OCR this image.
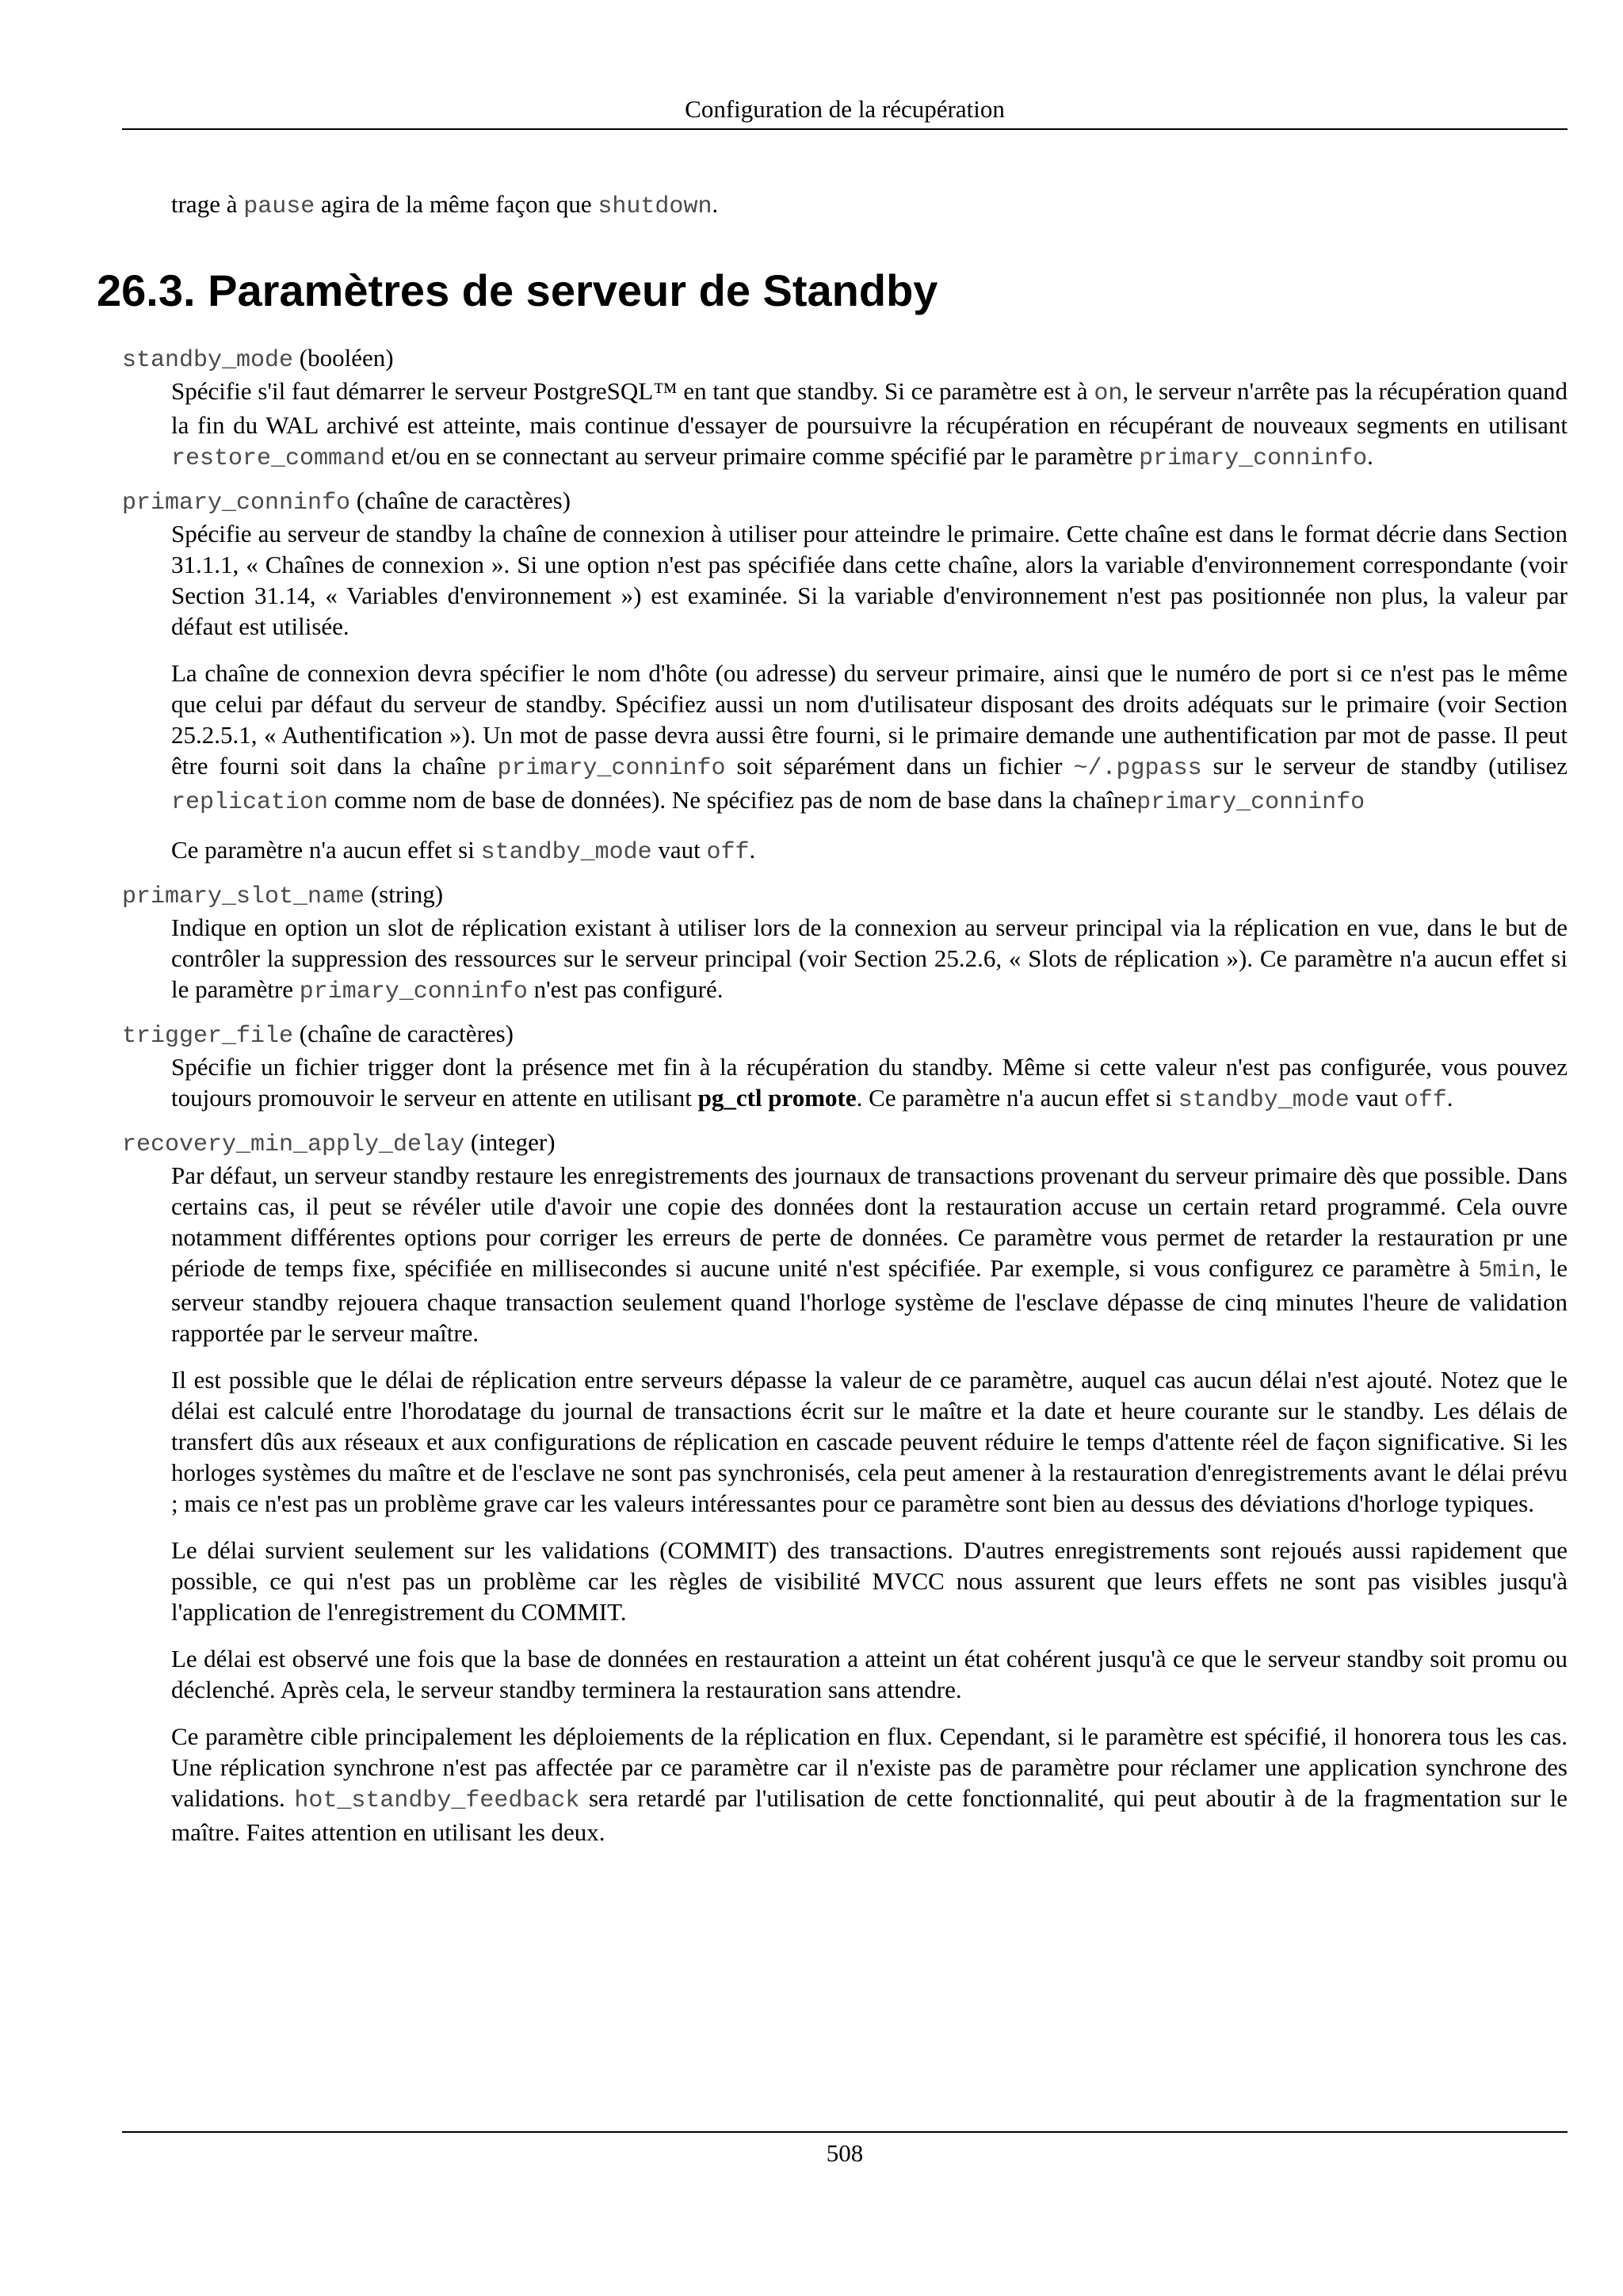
Configuration de la récupération

trage à pause agira de la même façon que shutdown.

26.3. Paramètres de serveur de Standby
standby_mode (booléen)

Spécifie s'il faut démarrer le serveur PostgreSQL™ en tant que standby. Si ce paramètre est à on, le serveur n'arrête pas la récupération quand la fin du WAL archivé est atteinte, mais continue d'essayer de poursuivre la récupération en récupérant de nouveaux segments en utilisant restore_command et/ou en se connectant au serveur primaire comme spécifié par le paramètre primary_conninfo.

primary_conninfo (chaîne de caractères)

Spécifie au serveur de standby la chaîne de connexion à utiliser pour atteindre le primaire. Cette chaîne est dans le format décrie dans Section 31.1.1, « Chaînes de connexion ». Si une option n'est pas spécifiée dans cette chaîne, alors la variable d'environnement correspondante (voir Section 31.14, « Variables d'environnement ») est examinée. Si la variable d'environnement n'est pas positionnée non plus, la valeur par défaut est utilisée.

La chaîne de connexion devra spécifier le nom d'hôte (ou adresse) du serveur primaire, ainsi que le numéro de port si ce n'est pas le même que celui par défaut du serveur de standby. Spécifiez aussi un nom d'utilisateur disposant des droits adéquats sur le primaire (voir Section 25.2.5.1, « Authentification »). Un mot de passe devra aussi être fourni, si le primaire demande une authentification par mot de passe. Il peut être fourni soit dans la chaîne primary_conninfo soit séparément dans un fichier ~/.pgpass sur le serveur de standby (utilisez replication comme nom de base de données). Ne spécifiez pas de nom de base dans la chaîneprimary_conninfo

Ce paramètre n'a aucun effet si standby_mode vaut off.

primary_slot_name (string)

Indique en option un slot de réplication existant à utiliser lors de la connexion au serveur principal via la réplication en vue, dans le but de contrôler la suppression des ressources sur le serveur principal (voir Section 25.2.6, « Slots de réplication »). Ce paramètre n'a aucun effet si le paramètre primary_conninfo n'est pas configuré.

trigger_file (chaîne de caractères)

Spécifie un fichier trigger dont la présence met fin à la récupération du standby. Même si cette valeur n'est pas configurée, vous pouvez toujours promouvoir le serveur en attente en utilisant pg_ctl promote. Ce paramètre n'a aucun effet si standby_mode vaut off.

recovery_min_apply_delay (integer)

Par défaut, un serveur standby restaure les enregistrements des journaux de transactions provenant du serveur primaire dès que possible. Dans certains cas, il peut se révéler utile d'avoir une copie des données dont la restauration accuse un certain retard programmé. Cela ouvre notamment différentes options pour corriger les erreurs de perte de données. Ce paramètre vous permet de retarder la restauration pr une période de temps fixe, spécifiée en millisecondes si aucune unité n'est spécifiée. Par exemple, si vous configurez ce paramètre à 5min, le serveur standby rejouera chaque transaction seulement quand l'horloge système de l'esclave dépasse de cinq minutes l'heure de validation rapportée par le serveur maître.

Il est possible que le délai de réplication entre serveurs dépasse la valeur de ce paramètre, auquel cas aucun délai n'est ajouté. Notez que le délai est calculé entre l'horodatage du journal de transactions écrit sur le maître et la date et heure courante sur le standby. Les délais de transfert dûs aux réseaux et aux configurations de réplication en cascade peuvent réduire le temps d'attente réel de façon significative. Si les horloges systèmes du maître et de l'esclave ne sont pas synchronisés, cela peut amener à la restauration d'enregistrements avant le délai prévu ; mais ce n'est pas un problème grave car les valeurs intéressantes pour ce paramètre sont bien au dessus des déviations d'horloge typiques.

Le délai survient seulement sur les validations (COMMIT) des transactions. D'autres enregistrements sont rejoués aussi rapidement que possible, ce qui n'est pas un problème car les règles de visibilité MVCC nous assurent que leurs effets ne sont pas visibles jusqu'à l'application de l'enregistrement du COMMIT.

Le délai est observé une fois que la base de données en restauration a atteint un état cohérent jusqu'à ce que le serveur standby soit promu ou déclenché. Après cela, le serveur standby terminera la restauration sans attendre.

Ce paramètre cible principalement les déploiements de la réplication en flux. Cependant, si le paramètre est spécifié, il honorera tous les cas. Une réplication synchrone n'est pas affectée par ce paramètre car il n'existe pas de paramètre pour réclamer une application synchrone des validations. hot_standby_feedback sera retardé par l'utilisation de cette fonctionnalité, qui peut aboutir à de la fragmentation sur le maître. Faites attention en utilisant les deux.

508
